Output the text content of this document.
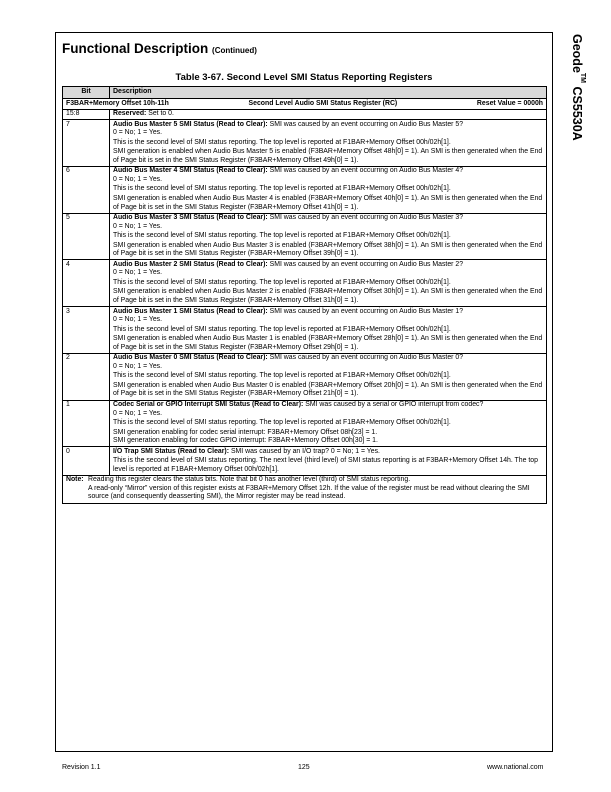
Geode™ CS5530A
Functional Description (Continued)
Table 3-67. Second Level SMI Status Reporting Registers
Bit	Description

F3BAR+Memory Offset 10h-11h Second Level Audio SMI Status Register (RC) Reset Value = 0000h	

15:8	Reserved: Set to 0.

7	Audio Bus Master 5 SMI Status (Read to Clear): SMI was caused by an event occurring on Audio Bus Master 5?
0 = No; 1 = Yes.
This is the second level of SMI status reporting. The top level is reported at F1BAR+Memory Offset 00h/02h[1].
SMI generation is enabled when Audio Bus Master 5 is enabled (F3BAR+Memory Offset 48h[0] = 1). An SMI is then generated when the End of Page bit is set in the SMI Status Register (F3BAR+Memory Offset 49h[0] = 1).

6	Audio Bus Master 4 SMI Status (Read to Clear): SMI was caused by an event occurring on Audio Bus Master 4?
0 = No; 1 = Yes.
This is the second level of SMI status reporting. The top level is reported at F1BAR+Memory Offset 00h/02h[1].
SMI generation is enabled when Audio Bus Master 4 is enabled (F3BAR+Memory Offset 40h[0] = 1). An SMI is then generated when the End of Page bit is set in the SMI Status Register (F3BAR+Memory Offset 41h[0] = 1).

5	Audio Bus Master 3 SMI Status (Read to Clear): SMI was caused by an event occurring on Audio Bus Master 3?
0 = No; 1 = Yes.
This is the second level of SMI status reporting. The top level is reported at F1BAR+Memory Offset 00h/02h[1].
SMI generation is enabled when Audio Bus Master 3 is enabled (F3BAR+Memory Offset 38h[0] = 1). An SMI is then generated when the End of Page bit is set in the SMI Status Register (F3BAR+Memory Offset 39h[0] = 1).

4	Audio Bus Master 2 SMI Status (Read to Clear): SMI was caused by an event occurring on Audio Bus Master 2?
0 = No; 1 = Yes.
This is the second level of SMI status reporting. The top level is reported at F1BAR+Memory Offset 00h/02h[1].
SMI generation is enabled when Audio Bus Master 2 is enabled (F3BAR+Memory Offset 30h[0] = 1). An SMI is then generated when the End of Page bit is set in the SMI Status Register (F3BAR+Memory Offset 31h[0] = 1).

3	Audio Bus Master 1 SMI Status (Read to Clear): SMI was caused by an event occurring on Audio Bus Master 1?
0 = No; 1 = Yes.
This is the second level of SMI status reporting. The top level is reported at F1BAR+Memory Offset 00h/02h[1].
SMI generation is enabled when Audio Bus Master 1 is enabled (F3BAR+Memory Offset 28h[0] = 1). An SMI is then generated when the End of Page bit is set in the SMI Status Register (F3BAR+Memory Offset 29h[0] = 1).

2	Audio Bus Master 0 SMI Status (Read to Clear): SMI was caused by an event occurring on Audio Bus Master 0?
0 = No; 1 = Yes.
This is the second level of SMI status reporting. The top level is reported at F1BAR+Memory Offset 00h/02h[1].
SMI generation is enabled when Audio Bus Master 0 is enabled (F3BAR+Memory Offset 20h[0] = 1). An SMI is then generated when the End of Page bit is set in the SMI Status Register (F3BAR+Memory Offset 21h[0] = 1).

1	Codec Serial or GPIO Interrupt SMI Status (Read to Clear): SMI was caused by a serial or GPIO interrupt from codec?
0 = No; 1 = Yes.
This is the second level of SMI status reporting. The top level is reported at F1BAR+Memory Offset 00h/02h[1].
SMI generation enabling for codec serial interrupt: F3BAR+Memory Offset 08h[23] = 1.
SMI generation enabling for codec GPIO interrupt: F3BAR+Memory Offset 00h[30] = 1.

0	I/O Trap SMI Status (Read to Clear): SMI was caused by an I/O trap? 0 = No; 1 = Yes.
This is the second level of SMI status reporting. The next level (third level) of SMI status reporting is at F3BAR+Memory Offset 14h. The top level is reported at F1BAR+Memory Offset 00h/02h[1].

Note: Reading this register clears the status bits. Note that bit 0 has another level (third) of SMI status reporting.
A read-only “Mirror” version of this register exists at F3BAR+Memory Offset 12h. If the value of the register must be read without clearing the SMI source (and consequently deasserting SMI), the Mirror register may be read instead.	
Revision 1.1	125	www.national.com
